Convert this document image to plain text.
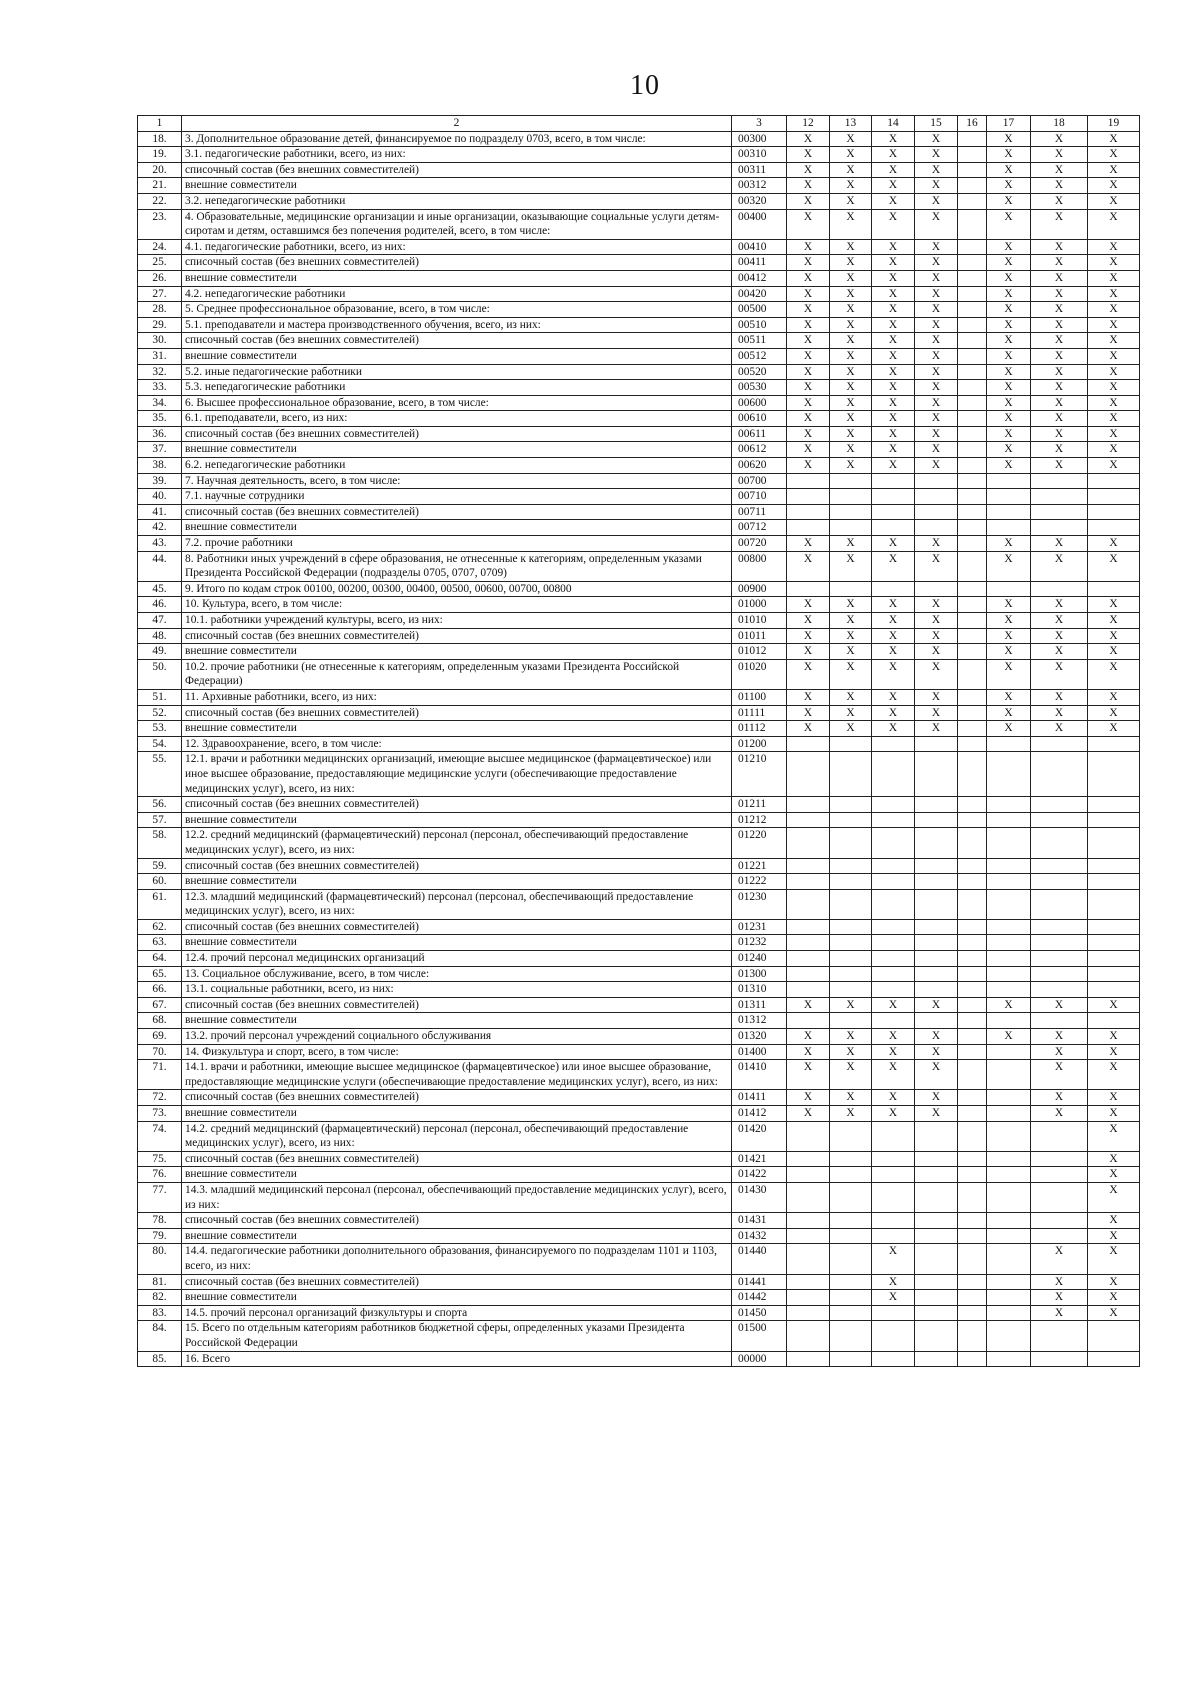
10
1	2	3	12	13	14	15	16	17	18	19
18.	3. Дополнительное образование детей, финансируемое по подразделу 0703, всего, в том числе:	00300	X	X	X	X		X	X	X
19.	3.1. педагогические работники, всего, из них:	00310	X	X	X	X		X	X	X
20.	списочный состав (без внешних совместителей)	00311	X	X	X	X		X	X	X
21.	внешние совместители	00312	X	X	X	X		X	X	X
22.	3.2. непедагогические работники	00320	X	X	X	X		X	X	X
23.	4. Образовательные, медицинские организации и иные организации, оказывающие социальные услуги детям-сиротам и детям, оставшимся без попечения родителей, всего, в том числе:	00400	X	X	X	X		X	X	X
24.	4.1. педагогические работники, всего, из них:	00410	X	X	X	X		X	X	X
25.	списочный состав (без внешних совместителей)	00411	X	X	X	X		X	X	X
26.	внешние совместители	00412	X	X	X	X		X	X	X
27.	4.2. непедагогические работники	00420	X	X	X	X		X	X	X
28.	5. Среднее профессиональное образование, всего, в том числе:	00500	X	X	X	X		X	X	X
29.	5.1. преподаватели и мастера производственного обучения, всего, из них:	00510	X	X	X	X		X	X	X
30.	списочный состав (без внешних совместителей)	00511	X	X	X	X		X	X	X
31.	внешние совместители	00512	X	X	X	X		X	X	X
32.	5.2. иные педагогические работники	00520	X	X	X	X		X	X	X
33.	5.3. непедагогические работники	00530	X	X	X	X		X	X	X
34.	6. Высшее профессиональное образование, всего, в том числе:	00600	X	X	X	X		X	X	X
35.	6.1. преподаватели, всего, из них:	00610	X	X	X	X		X	X	X
36.	списочный состав (без внешних совместителей)	00611	X	X	X	X		X	X	X
37.	внешние совместители	00612	X	X	X	X		X	X	X
38.	6.2. непедагогические работники	00620	X	X	X	X		X	X	X
39.	7. Научная деятельность, всего, в том числе:	00700								
40.	7.1. научные сотрудники	00710								
41.	списочный состав (без внешних совместителей)	00711								
42.	внешние совместители	00712								
43.	7.2. прочие работники	00720	X	X	X	X		X	X	X
44.	8. Работники иных учреждений в сфере образования, не отнесенные к категориям, определенным указами Президента Российской Федерации (подразделы 0705, 0707, 0709)	00800	X	X	X	X		X	X	X
45.	9. Итого по кодам строк 00100, 00200, 00300, 00400, 00500, 00600, 00700, 00800	00900								
46.	10. Культура, всего, в том числе:	01000	X	X	X	X		X	X	X
47.	10.1. работники учреждений культуры, всего, из них:	01010	X	X	X	X		X	X	X
48.	списочный состав (без внешних совместителей)	01011	X	X	X	X		X	X	X
49.	внешние совместители	01012	X	X	X	X		X	X	X
50.	10.2. прочие работники (не отнесенные к категориям, определенным указами Президента Российской Федерации)	01020	X	X	X	X		X	X	X
51.	11. Архивные работники, всего, из них:	01100	X	X	X	X		X	X	X
52.	списочный состав (без внешних совместителей)	01111	X	X	X	X		X	X	X
53.	внешние совместители	01112	X	X	X	X		X	X	X
54.	12. Здравоохранение, всего, в том числе:	01200								
55.	12.1. врачи и работники медицинских организаций, имеющие высшее медицинское (фармацевтическое) или иное высшее образование, предоставляющие медицинские услуги (обеспечивающие предоставление медицинских услуг), всего, из них:	01210								
56.	списочный состав (без внешних совместителей)	01211								
57.	внешние совместители	01212								
58.	12.2. средний медицинский (фармацевтический) персонал (персонал, обеспечивающий предоставление медицинских услуг), всего, из них:	01220								
59.	списочный состав (без внешних совместителей)	01221								
60.	внешние совместители	01222								
61.	12.3. младший медицинский (фармацевтический) персонал (персонал, обеспечивающий предоставление медицинских услуг), всего, из них:	01230								
62.	списочный состав (без внешних совместителей)	01231								
63.	внешние совместители	01232								
64.	12.4. прочий персонал медицинских организаций	01240								
65.	13. Социальное обслуживание, всего, в том числе:	01300								
66.	13.1. социальные работники, всего, из них:	01310								
67.	списочный состав (без внешних совместителей)	01311	X	X	X	X		X	X	X
68.	внешние совместители	01312								
69.	13.2. прочий персонал учреждений социального обслуживания	01320	X	X	X	X		X	X	X
70.	14. Физкультура и спорт, всего, в том числе:	01400	X	X	X	X			X	X
71.	14.1. врачи и работники, имеющие высшее медицинское (фармацевтическое) или иное высшее образование, предоставляющие медицинские услуги (обеспечивающие предоставление медицинских услуг), всего, из них:	01410	X	X	X	X			X	X
72.	списочный состав (без внешних совместителей)	01411	X	X	X	X			X	X
73.	внешние совместители	01412	X	X	X	X			X	X
74.	14.2. средний медицинский (фармацевтический) персонал (персонал, обеспечивающий предоставление медицинских услуг), всего, из них:	01420								X
75.	списочный состав (без внешних совместителей)	01421								X
76.	внешние совместители	01422								X
77.	14.3. младший медицинский персонал (персонал, обеспечивающий предоставление медицинских услуг), всего, из них:	01430								X
78.	списочный состав (без внешних совместителей)	01431								X
79.	внешние совместители	01432								X
80.	14.4. педагогические работники дополнительного образования, финансируемого по подразделам 1101 и 1103, всего, из них:	01440			X				X	X
81.	списочный состав (без внешних совместителей)	01441			X				X	X
82.	внешние совместители	01442			X				X	X
83.	14.5. прочий персонал организаций физкультуры и спорта	01450							X	X
84.	15. Всего по отдельным категориям работников бюджетной сферы, определенных указами Президента Российской Федерации	01500								
85.	16. Всего	00000								
